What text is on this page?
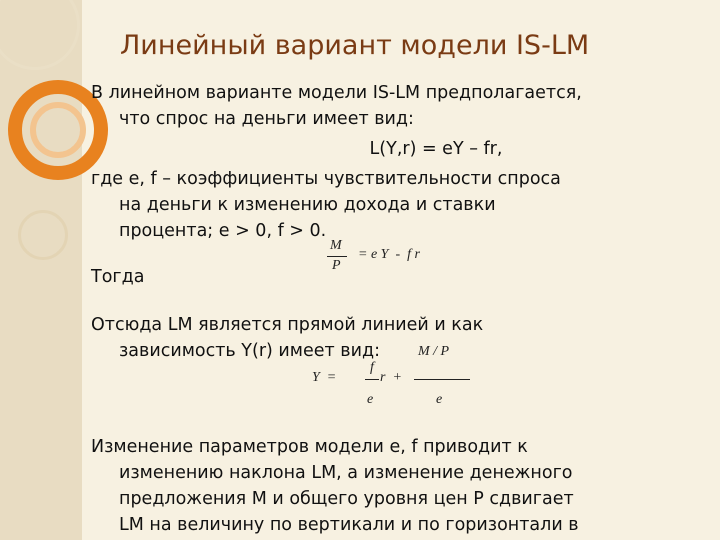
Линейный вариант модели IS-LM

В линейном варианте модели IS-LM предполагается,

что спрос на деньги имеет вид:

L(Y,r) = eY – fr,

где e, f – коэффициенты чувствительности спроса

на деньги к изменению дохода и ставки

процента; e > 0, f > 0.

Тогда

Отсюда LM является прямой линией и как

зависимость Y(r) имеет вид:

Изменение параметров модели e, f приводит к

изменению наклона LM, а изменение денежного

предложения M и общего уровня цен P сдвигает

LM на величину по вертикали и по горизонтали в

M
P
= e Y  -  f r
Y  =
f
e
r  +
M / P
e
